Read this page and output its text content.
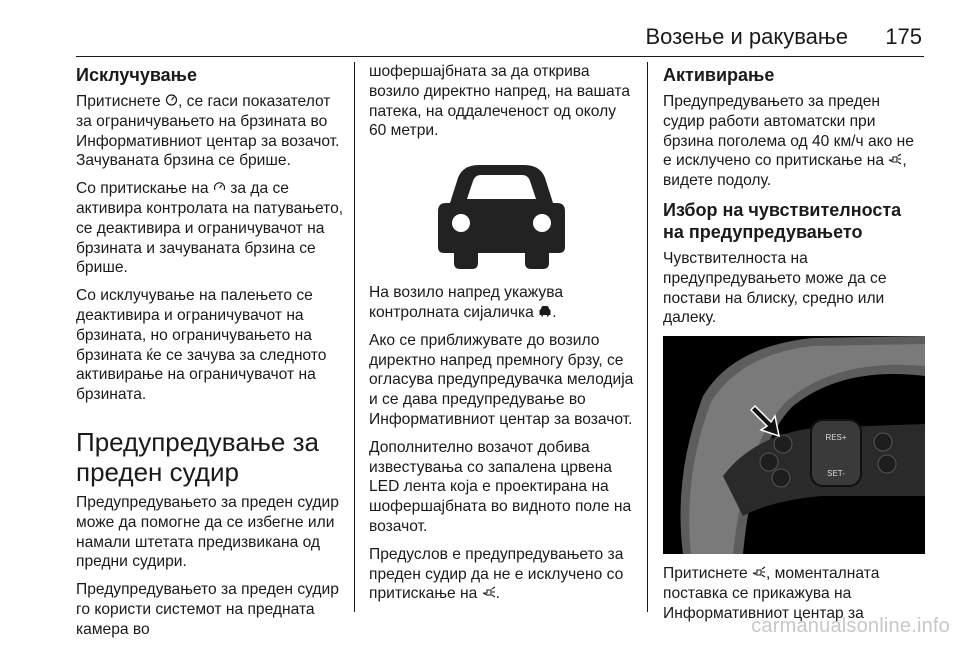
Возење и ракување 175
Исклучување

Притиснете , се гаси показателот за ограничувањето на брзината во Информативниот центар за возачот. Зачуваната брзина се брише.

Со притискање на  за да се активира контролата на патувањето, се деактивира и ограничувачот на брзината и зачуваната брзина се брише.

Со исклучување на палењето се деактивира и ограничувачот на брзината, но ограничувањето на брзината ќе се зачува за следното активирање на ограничувачот на брзината.

Предупредување за преден судир

Предупредувањето за преден судир може да помогне да се избегне или намали штетата предизвикана од предни судири.

Предупредувањето за преден судир го користи системот на предната камера во

шофершајбната за да открива возило директно напред, на вашата патека, на оддалеченост од околу 60 метри.

На возило напред укажува контролната сијаличка .

Ако се приближувате до возило директно напред премногу брзу, се огласува предупредувачка мелодија и се дава предупредување во Информативниот центар за возачот.

Дополнително возачот добива известувања со запалена црвена LED лента која е проектирана на шофершајбната во видното поле на возачот.

Предуслов е предупредувањето за преден судир да не е исклучено со притискање на .

Активирање

Предупредувањето за преден судир работи автоматски при брзина поголема од 40 км/ч ако не е исклучено со притискање на , видете подолу.

Избор на чувствителноста на предупредувањето

Чувствителноста на предупредувањето може да се постави на блиску, средно или далеку.

RES+
SET-

Притиснете , моменталната поставка се прикажува на Информативниот центар за

carmanualsonline.info
